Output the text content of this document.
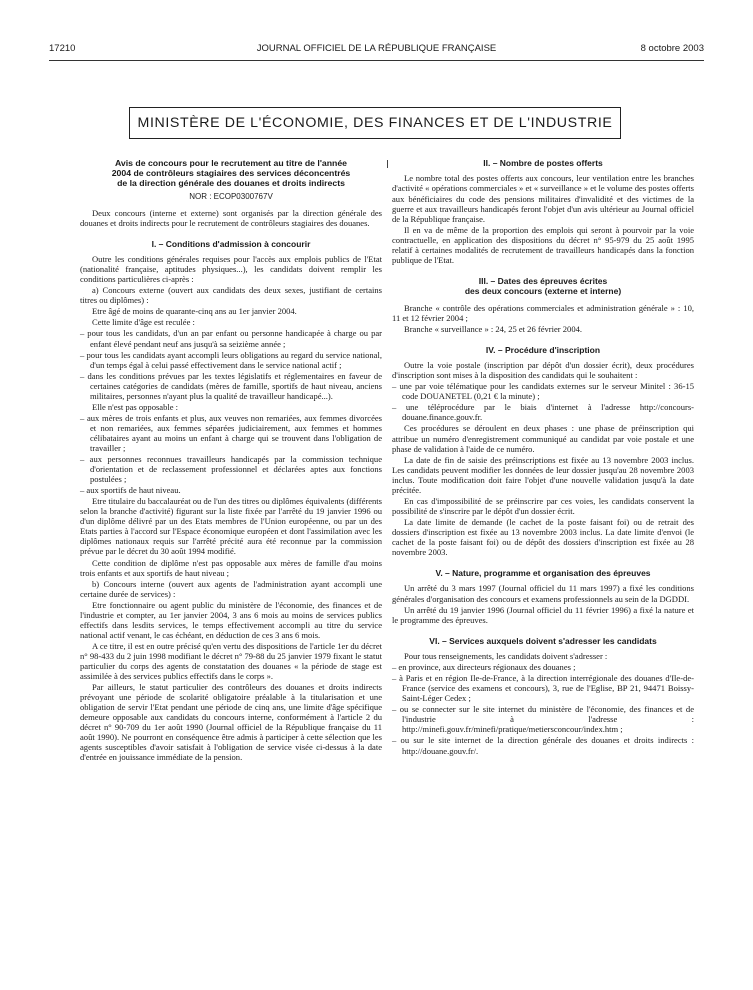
17210	JOURNAL OFFICIEL DE LA RÉPUBLIQUE FRANÇAISE	8 octobre 2003
MINISTÈRE DE L'ÉCONOMIE, DES FINANCES ET DE L'INDUSTRIE
Avis de concours pour le recrutement au titre de l'année
2004 de contrôleurs stagiaires des services déconcentrés
de la direction générale des douanes et droits indirects
NOR : ECOP0300767V

Deux concours (interne et externe) sont organisés par la direction générale des douanes et droits indirects pour le recrutement de contrôleurs stagiaires des douanes.

I. – Conditions d'admission à concourir

Outre les conditions générales requises pour l'accès aux emplois publics de l'Etat (nationalité française, aptitudes physiques...), les candidats doivent remplir les conditions particulières ci-après :

a) Concours externe (ouvert aux candidats des deux sexes, justifiant de certains titres ou diplômes) :

Etre âgé de moins de quarante-cinq ans au 1er janvier 2004.

Cette limite d'âge est reculée :

– pour tous les candidats, d'un an par enfant ou personne handicapée à charge ou par enfant élevé pendant neuf ans jusqu'à sa seizième année ;

– pour tous les candidats ayant accompli leurs obligations au regard du service national, d'un temps égal à celui passé effectivement dans le service national actif ;

– dans les conditions prévues par les textes législatifs et réglementaires en faveur de certaines catégories de candidats (mères de famille, sportifs de haut niveau, anciens militaires, personnes n'ayant plus la qualité de travailleur handicapé...).

Elle n'est pas opposable :

– aux mères de trois enfants et plus, aux veuves non remariées, aux femmes divorcées et non remariées, aux femmes séparées judiciairement, aux femmes et hommes célibataires ayant au moins un enfant à charge qui se trouvent dans l'obligation de travailler ;

– aux personnes reconnues travailleurs handicapés par la commission technique d'orientation et de reclassement professionnel et déclarées aptes aux fonctions postulées ;

– aux sportifs de haut niveau.

Etre titulaire du baccalauréat ou de l'un des titres ou diplômes équivalents (différents selon la branche d'activité) figurant sur la liste fixée par l'arrêté du 19 janvier 1996 ou d'un diplôme délivré par un des Etats membres de l'Union européenne, ou par un des Etats parties à l'accord sur l'Espace économique européen et dont l'assimilation avec les diplômes nationaux requis sur l'arrêté précité aura été reconnue par la commission prévue par le décret du 30 août 1994 modifié.

Cette condition de diplôme n'est pas opposable aux mères de famille d'au moins trois enfants et aux sportifs de haut niveau ;

b) Concours interne (ouvert aux agents de l'administration ayant accompli une certaine durée de services) :

Etre fonctionnaire ou agent public du ministère de l'économie, des finances et de l'industrie et compter, au 1er janvier 2004, 3 ans 6 mois au moins de services publics effectifs dans lesdits services, le temps effectivement accompli au titre du service national actif venant, le cas échéant, en déduction de ces 3 ans 6 mois.

A ce titre, il est en outre précisé qu'en vertu des dispositions de l'article 1er du décret n° 98-433 du 2 juin 1998 modifiant le décret n° 79-88 du 25 janvier 1979 fixant le statut particulier du corps des agents de constatation des douanes « la période de stage est assimilée à des services publics effectifs dans le corps ».

Par ailleurs, le statut particulier des contrôleurs des douanes et droits indirects prévoyant une période de scolarité obligatoire préalable à la titularisation et une obligation de servir l'Etat pendant une période de cinq ans, une limite d'âge spécifique demeure opposable aux candidats du concours interne, conformément à l'article 2 du décret n° 90-709 du 1er août 1990 (Journal officiel de la République française du 11 août 1990). Ne pourront en conséquence être admis à participer à cette sélection que les agents susceptibles d'avoir satisfait à l'obligation de service visée ci-dessus à la date d'entrée en jouissance immédiate de la pension.

II. – Nombre de postes offerts

Le nombre total des postes offerts aux concours, leur ventilation entre les branches d'activité « opérations commerciales » et « surveillance » et le volume des postes offerts aux bénéficiaires du code des pensions militaires d'invalidité et des victimes de la guerre et aux travailleurs handicapés feront l'objet d'un avis ultérieur au Journal officiel de la République française.

Il en va de même de la proportion des emplois qui seront à pourvoir par la voie contractuelle, en application des dispositions du décret n° 95-979 du 25 août 1995 relatif à certaines modalités de recrutement de travailleurs handicapés dans la fonction publique de l'Etat.

III. – Dates des épreuves écrites
des deux concours (externe et interne)

Branche « contrôle des opérations commerciales et administration générale » : 10, 11 et 12 février 2004 ;

Branche « surveillance » : 24, 25 et 26 février 2004.

IV. – Procédure d'inscription

Outre la voie postale (inscription par dépôt d'un dossier écrit), deux procédures d'inscription sont mises à la disposition des candidats qui le souhaitent :

– une par voie télématique pour les candidats externes sur le serveur Minitel : 36-15 code DOUANETEL (0,21 € la minute) ;

– une téléprocédure par le biais d'internet à l'adresse http://concours-douane.finance.gouv.fr.

Ces procédures se déroulent en deux phases : une phase de préinscription qui attribue un numéro d'enregistrement communiqué au candidat par voie postale et une phase de validation à l'aide de ce numéro.

La date de fin de saisie des préinscriptions est fixée au 13 novembre 2003 inclus. Les candidats peuvent modifier les données de leur dossier jusqu'au 28 novembre 2003 inclus. Toute modification doit faire l'objet d'une nouvelle validation jusqu'à la date précitée.

En cas d'impossibilité de se préinscrire par ces voies, les candidats conservent la possibilité de s'inscrire par le dépôt d'un dossier écrit.

La date limite de demande (le cachet de la poste faisant foi) ou de retrait des dossiers d'inscription est fixée au 13 novembre 2003 inclus. La date limite d'envoi (le cachet de la poste faisant foi) ou de dépôt des dossiers d'inscription est fixée au 28 novembre 2003.

V. – Nature, programme et organisation des épreuves

Un arrêté du 3 mars 1997 (Journal officiel du 11 mars 1997) a fixé les conditions générales d'organisation des concours et examens professionnels au sein de la DGDDI.

Un arrêté du 19 janvier 1996 (Journal officiel du 11 février 1996) a fixé la nature et le programme des épreuves.

VI. – Services auxquels doivent s'adresser les candidats

Pour tous renseignements, les candidats doivent s'adresser :

– en province, aux directeurs régionaux des douanes ;

– à Paris et en région Ile-de-France, à la direction interrégionale des douanes d'Ile-de-France (service des examens et concours), 3, rue de l'Eglise, BP 21, 94471 Boissy-Saint-Léger Cedex ;

– ou se connecter sur le site internet du ministère de l'économie, des finances et de l'industrie à l'adresse : http://minefi.gouv.fr/minefi/pratique/metiersconcour/index.htm ;

– ou sur le site internet de la direction générale des douanes et droits indirects : http://douane.gouv.fr/.
